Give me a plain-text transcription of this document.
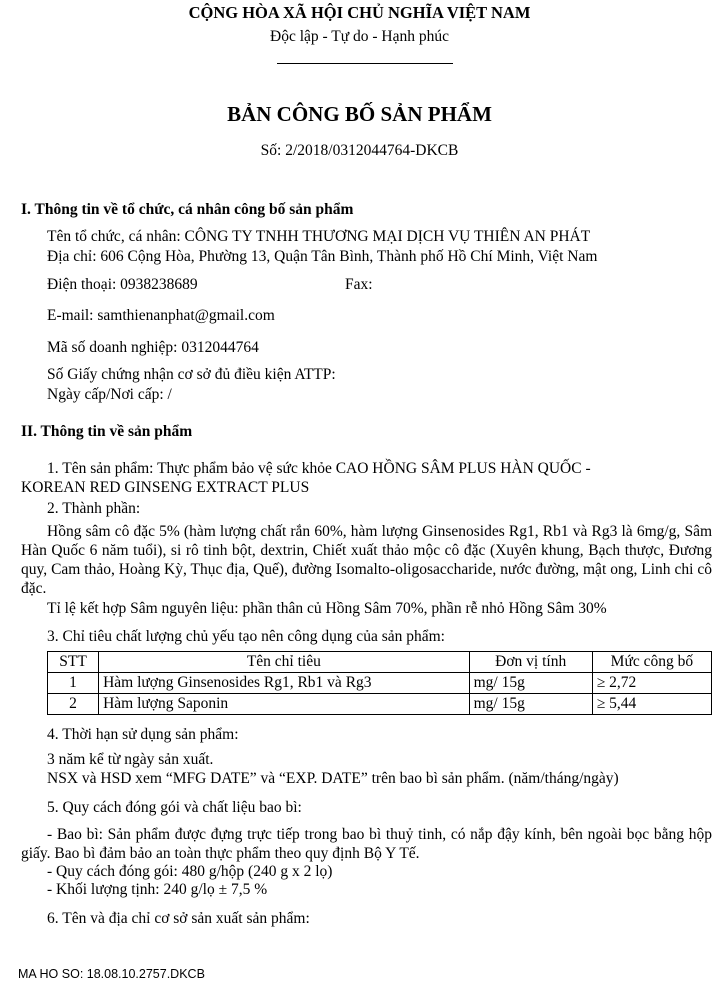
CỘNG HÒA XÃ HỘI CHỦ NGHĨA VIỆT NAM
Độc lập - Tự do - Hạnh phúc
BẢN CÔNG BỐ SẢN PHẨM
Số: 2/2018/0312044764-DKCB
I. Thông tin về tổ chức, cá nhân công bố sản phẩm
Tên tổ chức, cá nhân: CÔNG TY TNHH THƯƠNG MẠI DỊCH VỤ THIÊN AN PHÁT
Địa chỉ: 606 Cộng Hòa, Phường 13, Quận Tân Bình, Thành phố Hồ Chí Minh, Việt Nam
Điện thoại: 0938238689	Fax:
E-mail: samthienanphat@gmail.com
Mã số doanh nghiệp: 0312044764
Số Giấy chứng nhận cơ sở đủ điều kiện ATTP:
Ngày cấp/Nơi cấp: /
II. Thông tin về sản phẩm
1. Tên sản phẩm: Thực phẩm bảo vệ sức khỏe CAO HỒNG SÂM PLUS HÀN QUỐC -
KOREAN RED GINSENG EXTRACT PLUS
2. Thành phần:
Hồng sâm cô đặc 5% (hàm lượng chất rắn 60%, hàm lượng Ginsenosides Rg1, Rb1 và Rg3 là 6mg/g, Sâm Hàn Quốc 6 năm tuổi), si rô tinh bột, dextrin, Chiết xuất thảo mộc cô đặc (Xuyên khung, Bạch thược, Đương quy, Cam thảo, Hoàng Kỳ, Thục địa, Quế), đường Isomalto-oligosaccharide, nước đường, mật ong, Linh chi cô đặc.
Tỉ lệ kết hợp Sâm nguyên liệu: phần thân củ Hồng Sâm 70%, phần rễ nhỏ Hồng Sâm 30%
3. Chỉ tiêu chất lượng chủ yếu tạo nên công dụng của sản phẩm:
STT	Tên chỉ tiêu	Đơn vị tính	Mức công bố
1	Hàm lượng Ginsenosides Rg1, Rb1 và Rg3	mg/ 15g	≥ 2,72
2	Hàm lượng Saponin	mg/ 15g	≥ 5,44
4. Thời hạn sử dụng sản phẩm:
3 năm kể từ ngày sản xuất.
NSX và HSD xem “MFG DATE” và “EXP. DATE” trên bao bì sản phẩm. (năm/tháng/ngày)
5. Quy cách đóng gói và chất liệu bao bì:
- Bao bì: Sản phẩm được đựng trực tiếp trong bao bì thuỷ tinh, có nắp đậy kính, bên ngoài bọc bằng hộp giấy. Bao bì đảm bảo an toàn thực phẩm theo quy định Bộ Y Tế.
- Quy cách đóng gói: 480 g/hộp (240 g x 2 lọ)
- Khối lượng tịnh: 240 g/lọ ± 7,5 %
6. Tên và địa chỉ cơ sở sản xuất sản phẩm:
MA HO SO: 18.08.10.2757.DKCB
